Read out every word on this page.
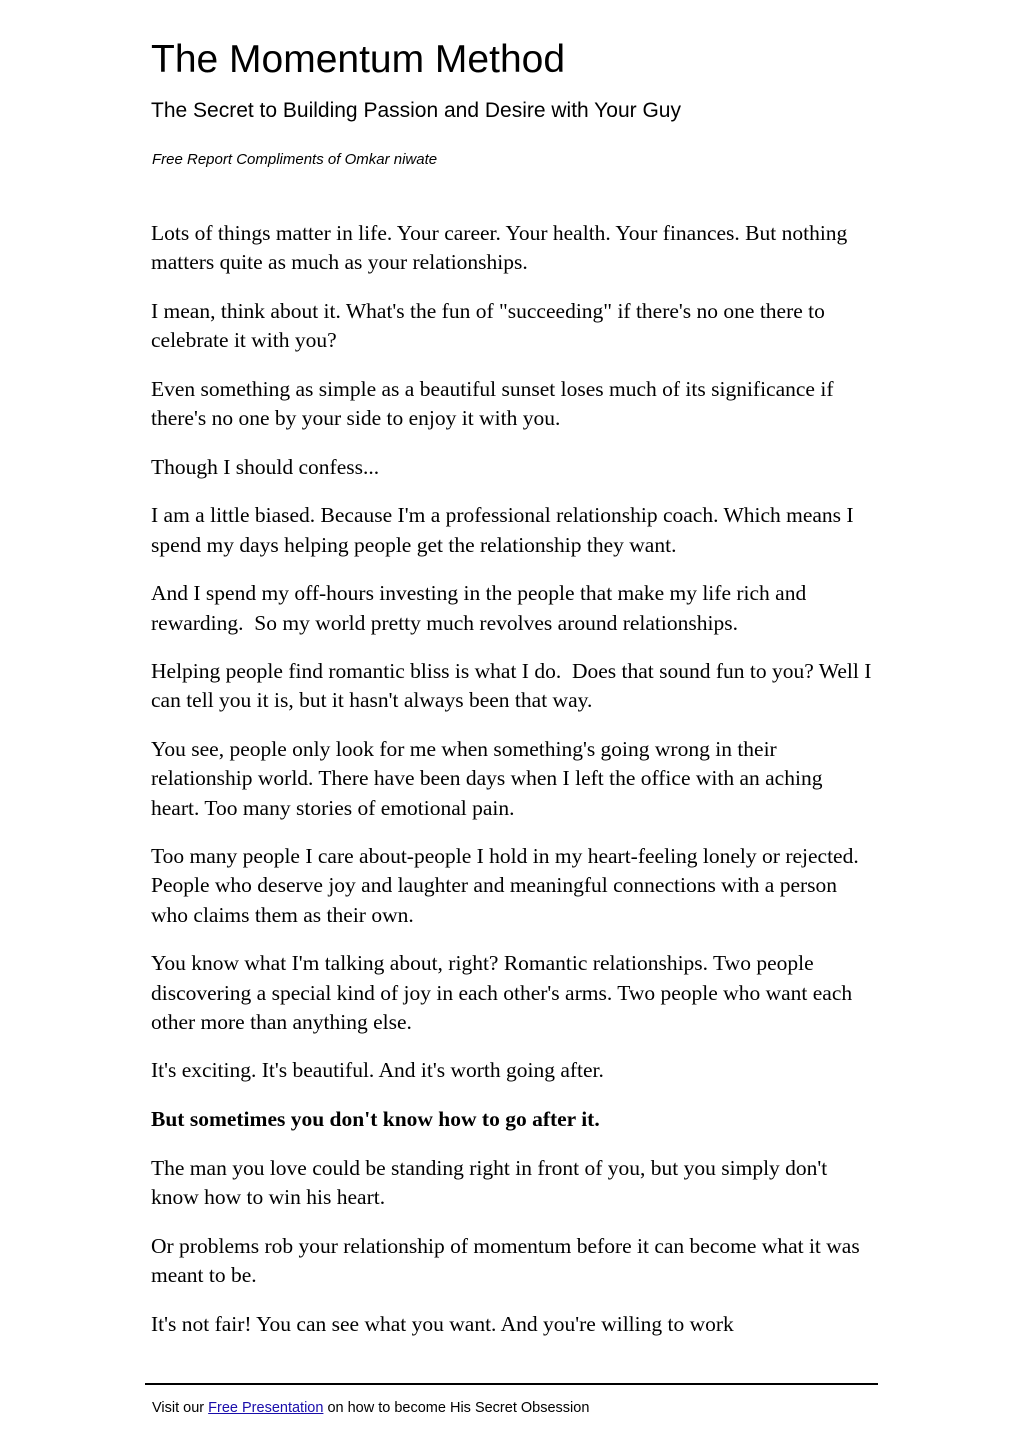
The Momentum Method

The Secret to Building Passion and Desire with Your Guy

Free Report Compliments of Omkar niwate

Lots of things matter in life. Your career. Your health. Your finances. But nothing matters quite as much as your relationships.

I mean, think about it. What's the fun of "succeeding" if there's no one there to celebrate it with you?

Even something as simple as a beautiful sunset loses much of its significance if there's no one by your side to enjoy it with you.

Though I should confess...

I am a little biased. Because I'm a professional relationship coach. Which means I spend my days helping people get the relationship they want.

And I spend my off-hours investing in the people that make my life rich and rewarding.  So my world pretty much revolves around relationships.

Helping people find romantic bliss is what I do.  Does that sound fun to you? Well I can tell you it is, but it hasn't always been that way.

You see, people only look for me when something's going wrong in their relationship world. There have been days when I left the office with an aching heart. Too many stories of emotional pain.

Too many people I care about-people I hold in my heart-feeling lonely or rejected. People who deserve joy and laughter and meaningful connections with a person who claims them as their own.

You know what I'm talking about, right? Romantic relationships. Two people discovering a special kind of joy in each other's arms. Two people who want each other more than anything else.

It's exciting. It's beautiful. And it's worth going after.

But sometimes you don't know how to go after it.

The man you love could be standing right in front of you, but you simply don't know how to win his heart.

Or problems rob your relationship of momentum before it can become what it was meant to be.

It's not fair! You can see what you want. And you're willing to work

Visit our Free Presentation on how to become His Secret Obsession
